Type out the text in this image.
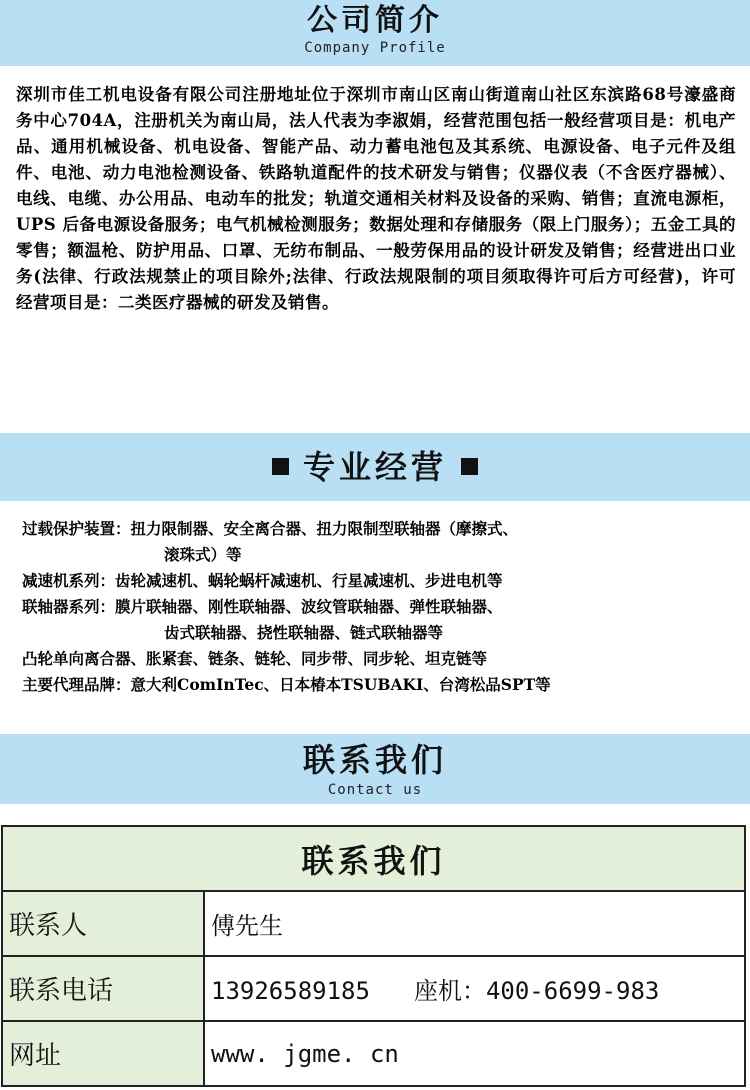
公司简介
Company Profile
深圳市佳工机电设备有限公司注册地址位于深圳市南山区南山街道南山社区东滨路68号濠盛商务中心704A，注册机关为南山局，法人代表为李淑娟，经营范围包括一般经营项目是：机电产品、通用机械设备、机电设备、智能产品、动力蓄电池包及其系统、电源设备、电子元件及组件、电池、动力电池检测设备、铁路轨道配件的技术研发与销售；仪器仪表（不含医疗器械）、电线、电缆、办公用品、电动车的批发；轨道交通相关材料及设备的采购、销售；直流电源柜，UPS 后备电源设备服务；电气机械检测服务；数据处理和存储服务（限上门服务）；五金工具的零售；额温枪、防护用品、口罩、无纺布制品、一般劳保用品的设计研发及销售；经营进出口业务(法律、行政法规禁止的项目除外;法律、行政法规限制的项目须取得许可后方可经营)，许可经营项目是：二类医疗器械的研发及销售。
专业经营
过载保护装置：扭力限制器、安全离合器、扭力限制型联轴器（摩擦式、
滚珠式）等
减速机系列：齿轮减速机、蜗轮蜗杆减速机、行星减速机、步进电机等
联轴器系列：膜片联轴器、刚性联轴器、波纹管联轴器、弹性联轴器、
齿式联轴器、挠性联轴器、链式联轴器等
凸轮单向离合器、胀紧套、链条、链轮、同步带、同步轮、坦克链等
主要代理品牌：意大利ComInTec、日本椿本TSUBAKI、台湾松品SPT等
联系我们
Contact us
联系我们	
联系人	傅先生
联系电话	13926589185 座机：400-6699-983
网址	www. jgme. cn
